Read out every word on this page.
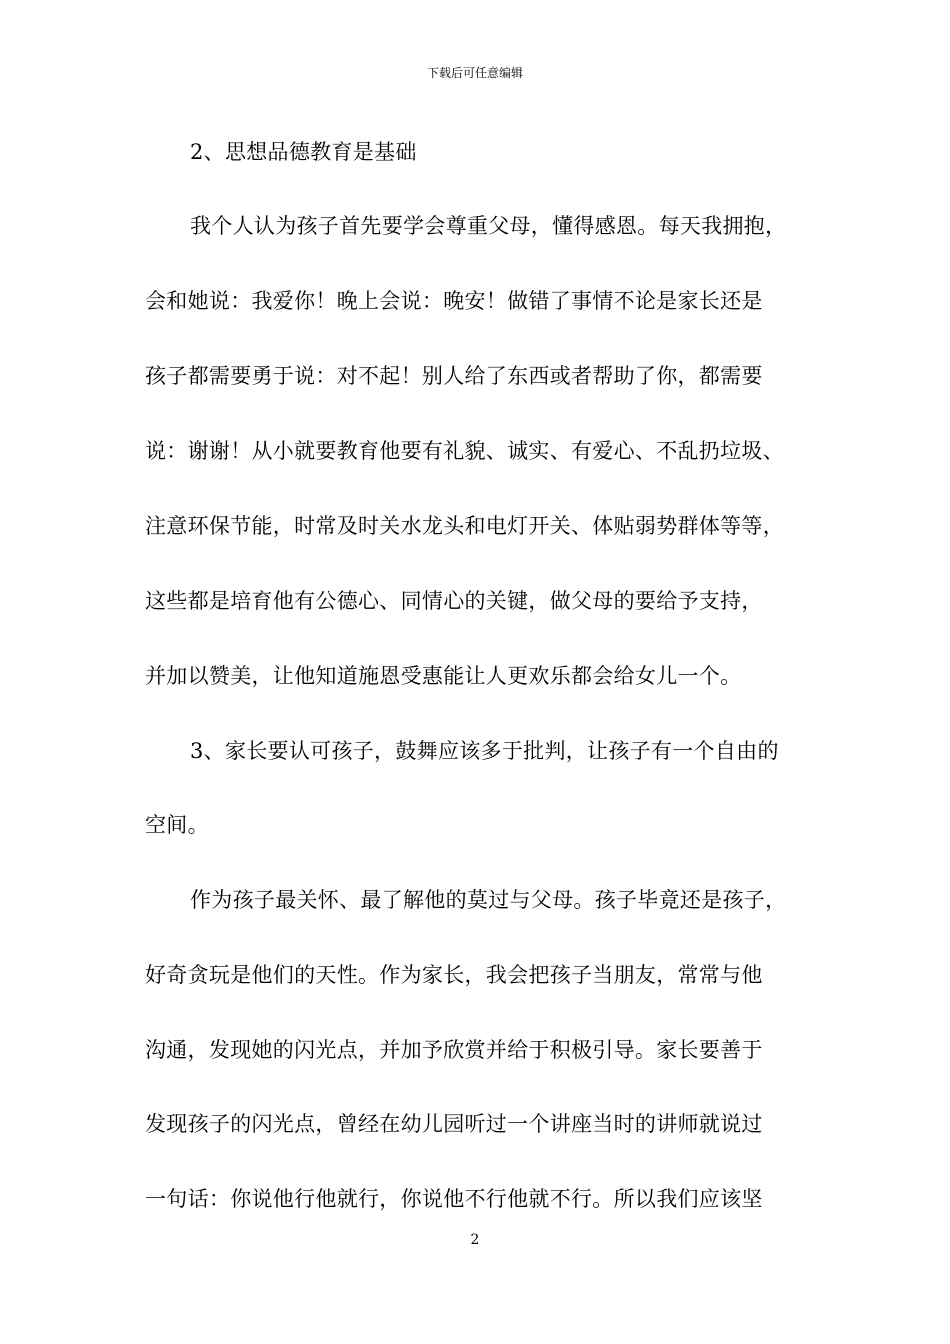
下载后可任意编辑
2、思想品德教育是基础
我个人认为孩子首先要学会尊重父母，懂得感恩。每天我拥抱，
会和她说：我爱你！晚上会说：晚安！做错了事情不论是家长还是
孩子都需要勇于说：对不起！别人给了东西或者帮助了你，都需要
说：谢谢！从小就要教育他要有礼貌、诚实、有爱心、不乱扔垃圾、
注意环保节能，时常及时关水龙头和电灯开关、体贴弱势群体等等，
这些都是培育他有公德心、同情心的关键，做父母的要给予支持，
并加以赞美，让他知道施恩受惠能让人更欢乐都会给女儿一个。
3、家长要认可孩子，鼓舞应该多于批判，让孩子有一个自由的
空间。
作为孩子最关怀、最了解他的莫过与父母。孩子毕竟还是孩子，
好奇贪玩是他们的天性。作为家长，我会把孩子当朋友，常常与他
沟通，发现她的闪光点，并加予欣赏并给于积极引导。家长要善于
发现孩子的闪光点，曾经在幼儿园听过一个讲座当时的讲师就说过
一句话：你说他行他就行，你说他不行他就不行。所以我们应该坚
2
